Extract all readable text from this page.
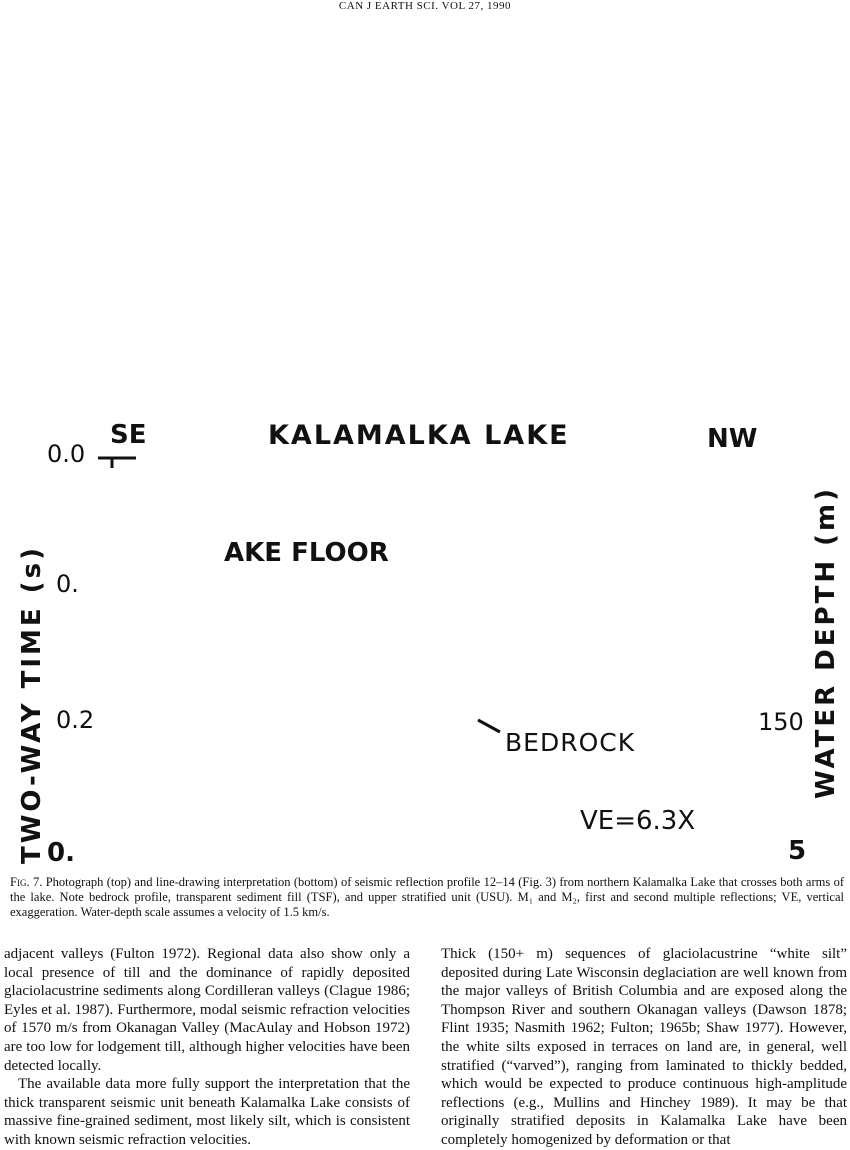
CAN J EARTH SCI. VOL 27, 1990
SE
0.0
KALAMALKA LAKE	NW
AKE FLOOR
0.
0.2
0.
TWO-WAY TIME (s)	WATER DEPTH (m)
BEDROCK
150
VE=6.3X
5
Fig. 7. Photograph (top) and line-drawing interpretation (bottom) of seismic reflection profile 12–14 (Fig. 3) from northern Kalamalka Lake that crosses both arms of the lake. Note bedrock profile, transparent sediment fill (TSF), and upper stratified unit (USU). M₁ and M₂, first and second multiple reflections; VE, vertical exaggeration. Water-depth scale assumes a velocity of 1.5 km/s.

adjacent valleys (Fulton 1972). Regional data also show only a local presence of till and the dominance of rapidly deposited glaciolacustrine sediments along Cordilleran valleys (Clague 1986; Eyles et al. 1987). Furthermore, modal seismic refraction velocities of 1570 m/s from Okanagan Valley (MacAulay and Hobson 1972) are too low for lodgement till, although higher velocities have been detected locally.

The available data more fully support the interpretation that the thick transparent seismic unit beneath Kalamalka Lake consists of massive fine-grained sediment, most likely silt, which is consistent with known seismic refraction velocities.

Thick (150+ m) sequences of glaciolacustrine “white silt” deposited during Late Wisconsin deglaciation are well known from the major valleys of British Columbia and are exposed along the Thompson River and southern Okanagan valleys (Dawson 1878; Flint 1935; Nasmith 1962; Fulton; 1965b; Shaw 1977). However, the white silts exposed in terraces on land are, in general, well stratified (“varved”), ranging from laminated to thickly bedded, which would be expected to produce continuous high-amplitude reflections (e.g., Mullins and Hinchey 1989). It may be that originally stratified deposits in Kalamalka Lake have been completely homogenized by deformation or that
